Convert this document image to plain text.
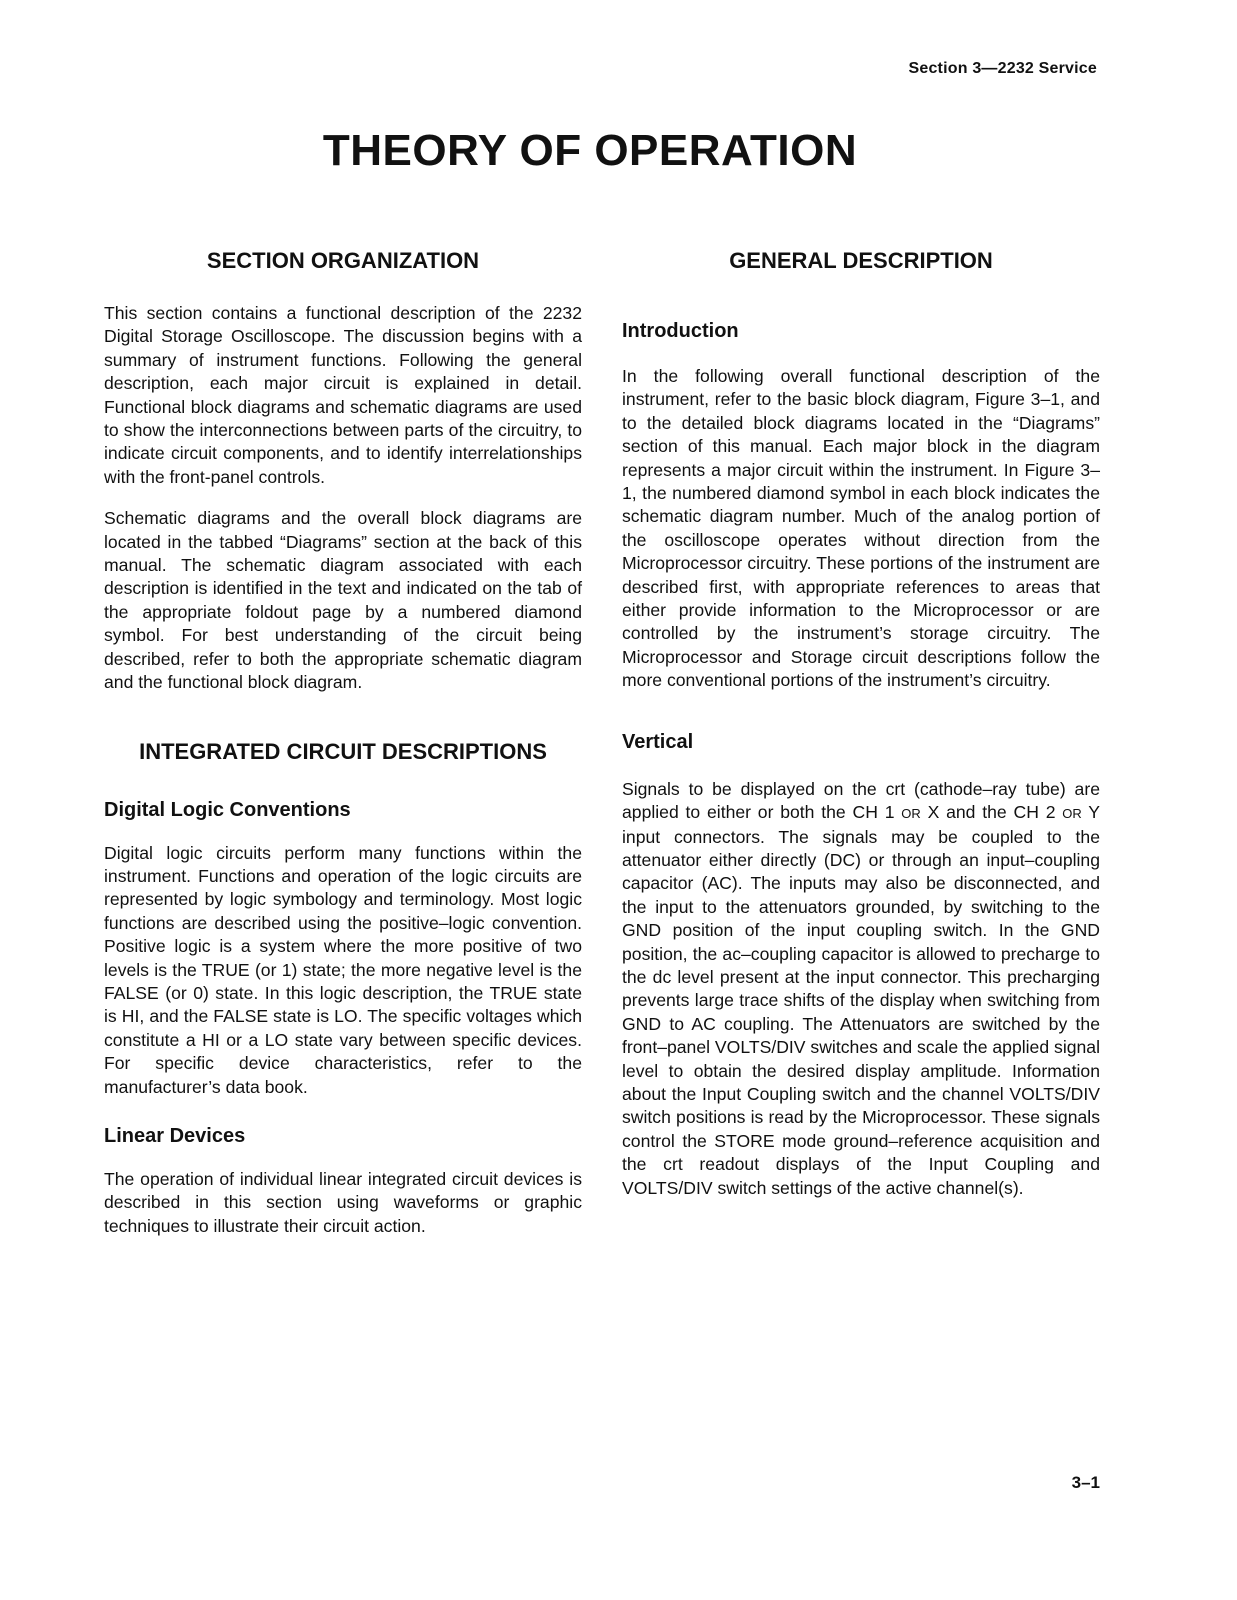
Section 3—2232 Service
THEORY OF OPERATION
SECTION ORGANIZATION

This section contains a functional description of the 2232 Digital Storage Oscilloscope. The discussion begins with a summary of instrument functions. Following the general description, each major circuit is explained in detail. Functional block diagrams and schematic diagrams are used to show the interconnections between parts of the circuitry, to indicate circuit components, and to identify interrelationships with the front-panel controls.

Schematic diagrams and the overall block diagrams are located in the tabbed “Diagrams” section at the back of this manual. The schematic diagram associated with each description is identified in the text and indicated on the tab of the appropriate foldout page by a numbered diamond symbol. For best understanding of the circuit being described, refer to both the appropriate schematic diagram and the functional block diagram.

INTEGRATED CIRCUIT DESCRIPTIONS
Digital Logic Conventions

Digital logic circuits perform many functions within the instrument. Functions and operation of the logic circuits are represented by logic symbology and terminology. Most logic functions are described using the positive–logic convention. Positive logic is a system where the more positive of two levels is the TRUE (or 1) state; the more negative level is the FALSE (or 0) state. In this logic description, the TRUE state is HI, and the FALSE state is LO. The specific voltages which constitute a HI or a LO state vary between specific devices. For specific device characteristics, refer to the manufacturer’s data book.

Linear Devices

The operation of individual linear integrated circuit devices is described in this section using waveforms or graphic techniques to illustrate their circuit action.

GENERAL DESCRIPTION
Introduction

In the following overall functional description of the instrument, refer to the basic block diagram, Figure 3–1, and to the detailed block diagrams located in the “Diagrams” section of this manual. Each major block in the diagram represents a major circuit within the instrument. In Figure 3–1, the numbered diamond symbol in each block indicates the schematic diagram number. Much of the analog portion of the oscilloscope operates without direction from the Microprocessor circuitry. These portions of the instrument are described first, with appropriate references to areas that either provide information to the Microprocessor or are controlled by the instrument’s storage circuitry. The Microprocessor and Storage circuit descriptions follow the more conventional portions of the instrument’s circuitry.

Vertical

Signals to be displayed on the crt (cathode–ray tube) are applied to either or both the CH 1 OR X and the CH 2 OR Y input connectors. The signals may be coupled to the attenuator either directly (DC) or through an input–coupling capacitor (AC). The inputs may also be disconnected, and the input to the attenuators grounded, by switching to the GND position of the input coupling switch. In the GND position, the ac–coupling capacitor is allowed to precharge to the dc level present at the input connector. This precharging prevents large trace shifts of the display when switching from GND to AC coupling. The Attenuators are switched by the front–panel VOLTS/DIV switches and scale the applied signal level to obtain the desired display amplitude. Information about the Input Coupling switch and the channel VOLTS/DIV switch positions is read by the Microprocessor. These signals control the STORE mode ground–reference acquisition and the crt readout displays of the Input Coupling and VOLTS/DIV switch settings of the active channel(s).

3–1
